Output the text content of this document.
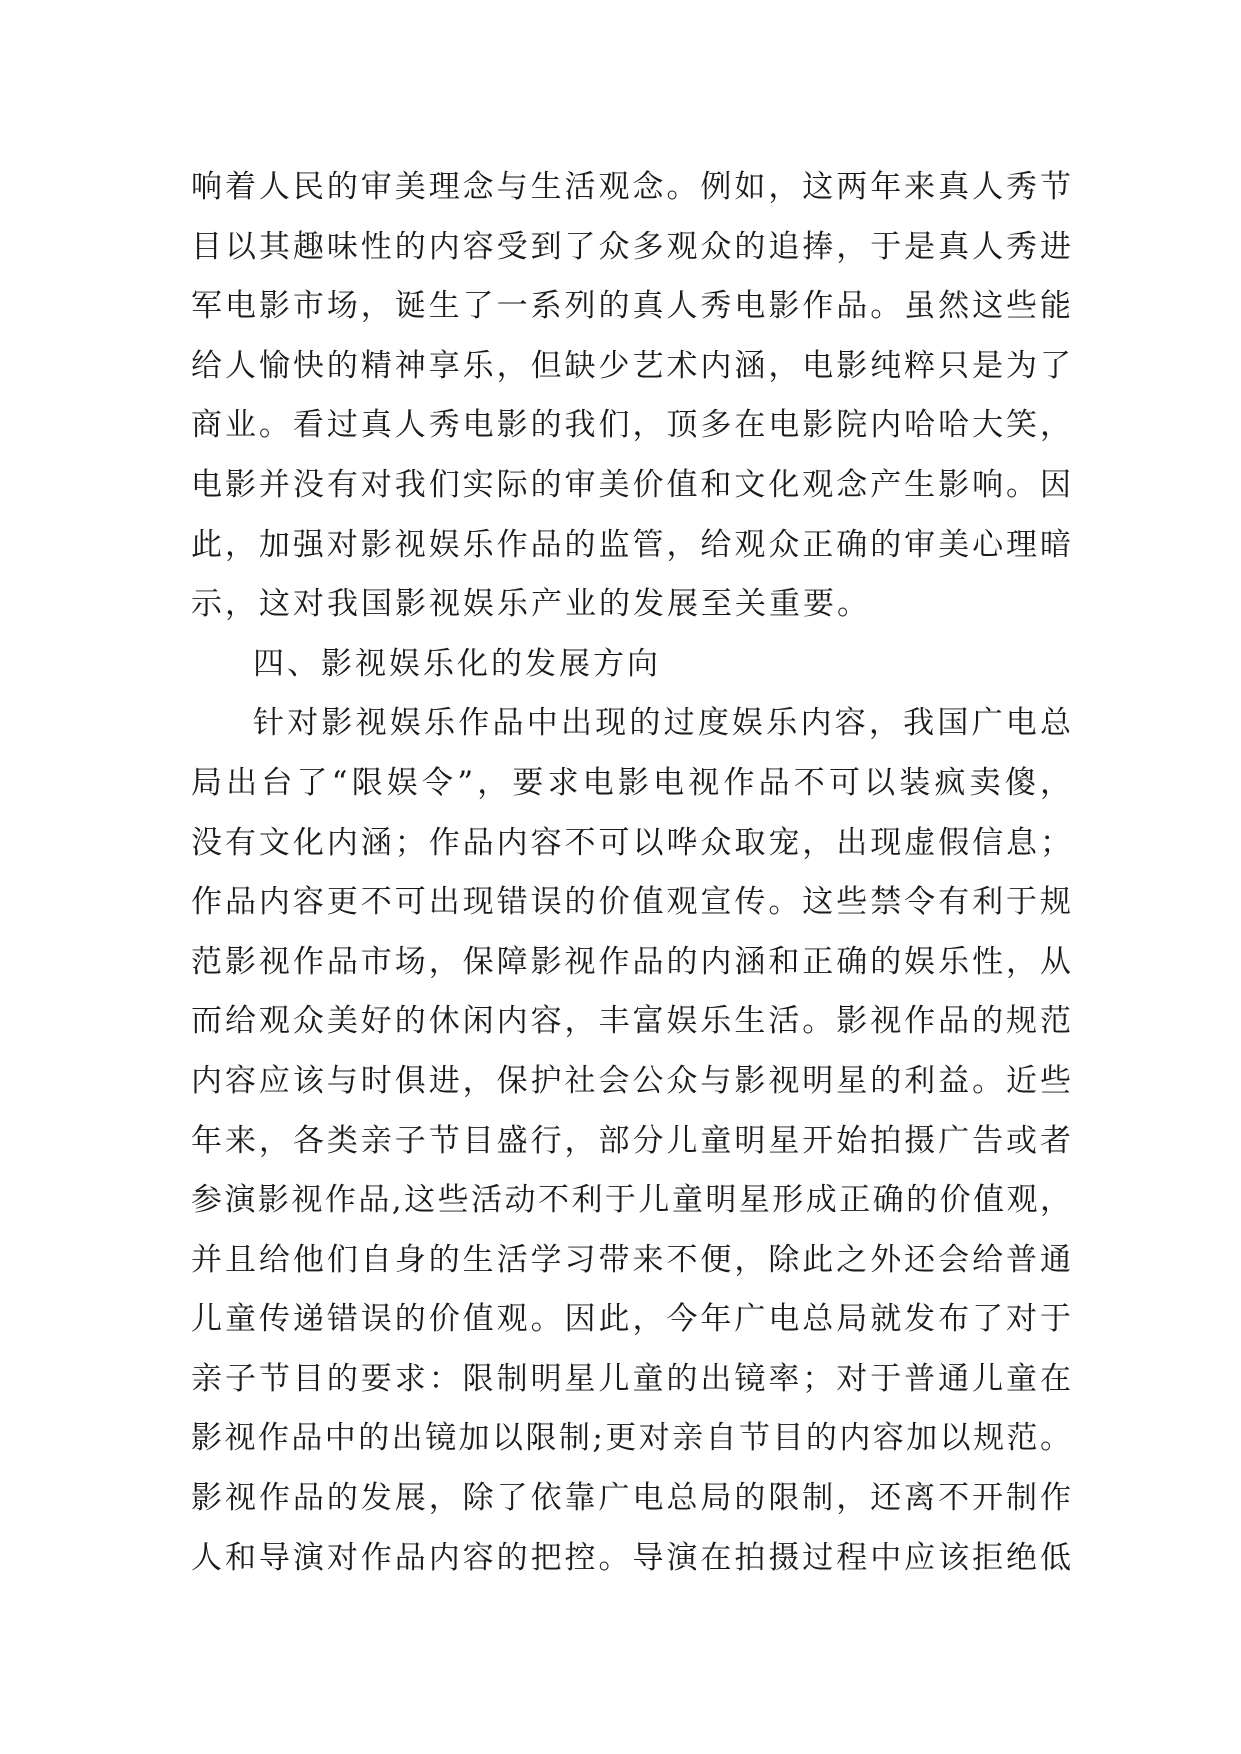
响着人民的审美理念与生活观念。例如，这两年来真人秀节
目以其趣味性的内容受到了众多观众的追捧，于是真人秀进
军电影市场，诞生了一系列的真人秀电影作品。虽然这些能
给人愉快的精神享乐，但缺少艺术内涵，电影纯粹只是为了
商业。看过真人秀电影的我们，顶多在电影院内哈哈大笑，
电影并没有对我们实际的审美价值和文化观念产生影响。因
此，加强对影视娱乐作品的监管，给观众正确的审美心理暗
示，这对我国影视娱乐产业的发展至关重要。
四、影视娱乐化的发展方向
针对影视娱乐作品中出现的过度娱乐内容，我国广电总
局出台了“限娱令”，要求电影电视作品不可以装疯卖傻，
没有文化内涵；作品内容不可以哗众取宠，出现虚假信息；
作品内容更不可出现错误的价值观宣传。这些禁令有利于规
范影视作品市场，保障影视作品的内涵和正确的娱乐性，从
而给观众美好的休闲内容，丰富娱乐生活。影视作品的规范
内容应该与时俱进，保护社会公众与影视明星的利益。近些
年来，各类亲子节目盛行，部分儿童明星开始拍摄广告或者
参演影视作品,这些活动不利于儿童明星形成正确的价值观，
并且给他们自身的生活学习带来不便，除此之外还会给普通
儿童传递错误的价值观。因此，今年广电总局就发布了对于
亲子节目的要求：限制明星儿童的出镜率；对于普通儿童在
影视作品中的出镜加以限制;更对亲自节目的内容加以规范。
影视作品的发展，除了依靠广电总局的限制，还离不开制作
人和导演对作品内容的把控。导演在拍摄过程中应该拒绝低
